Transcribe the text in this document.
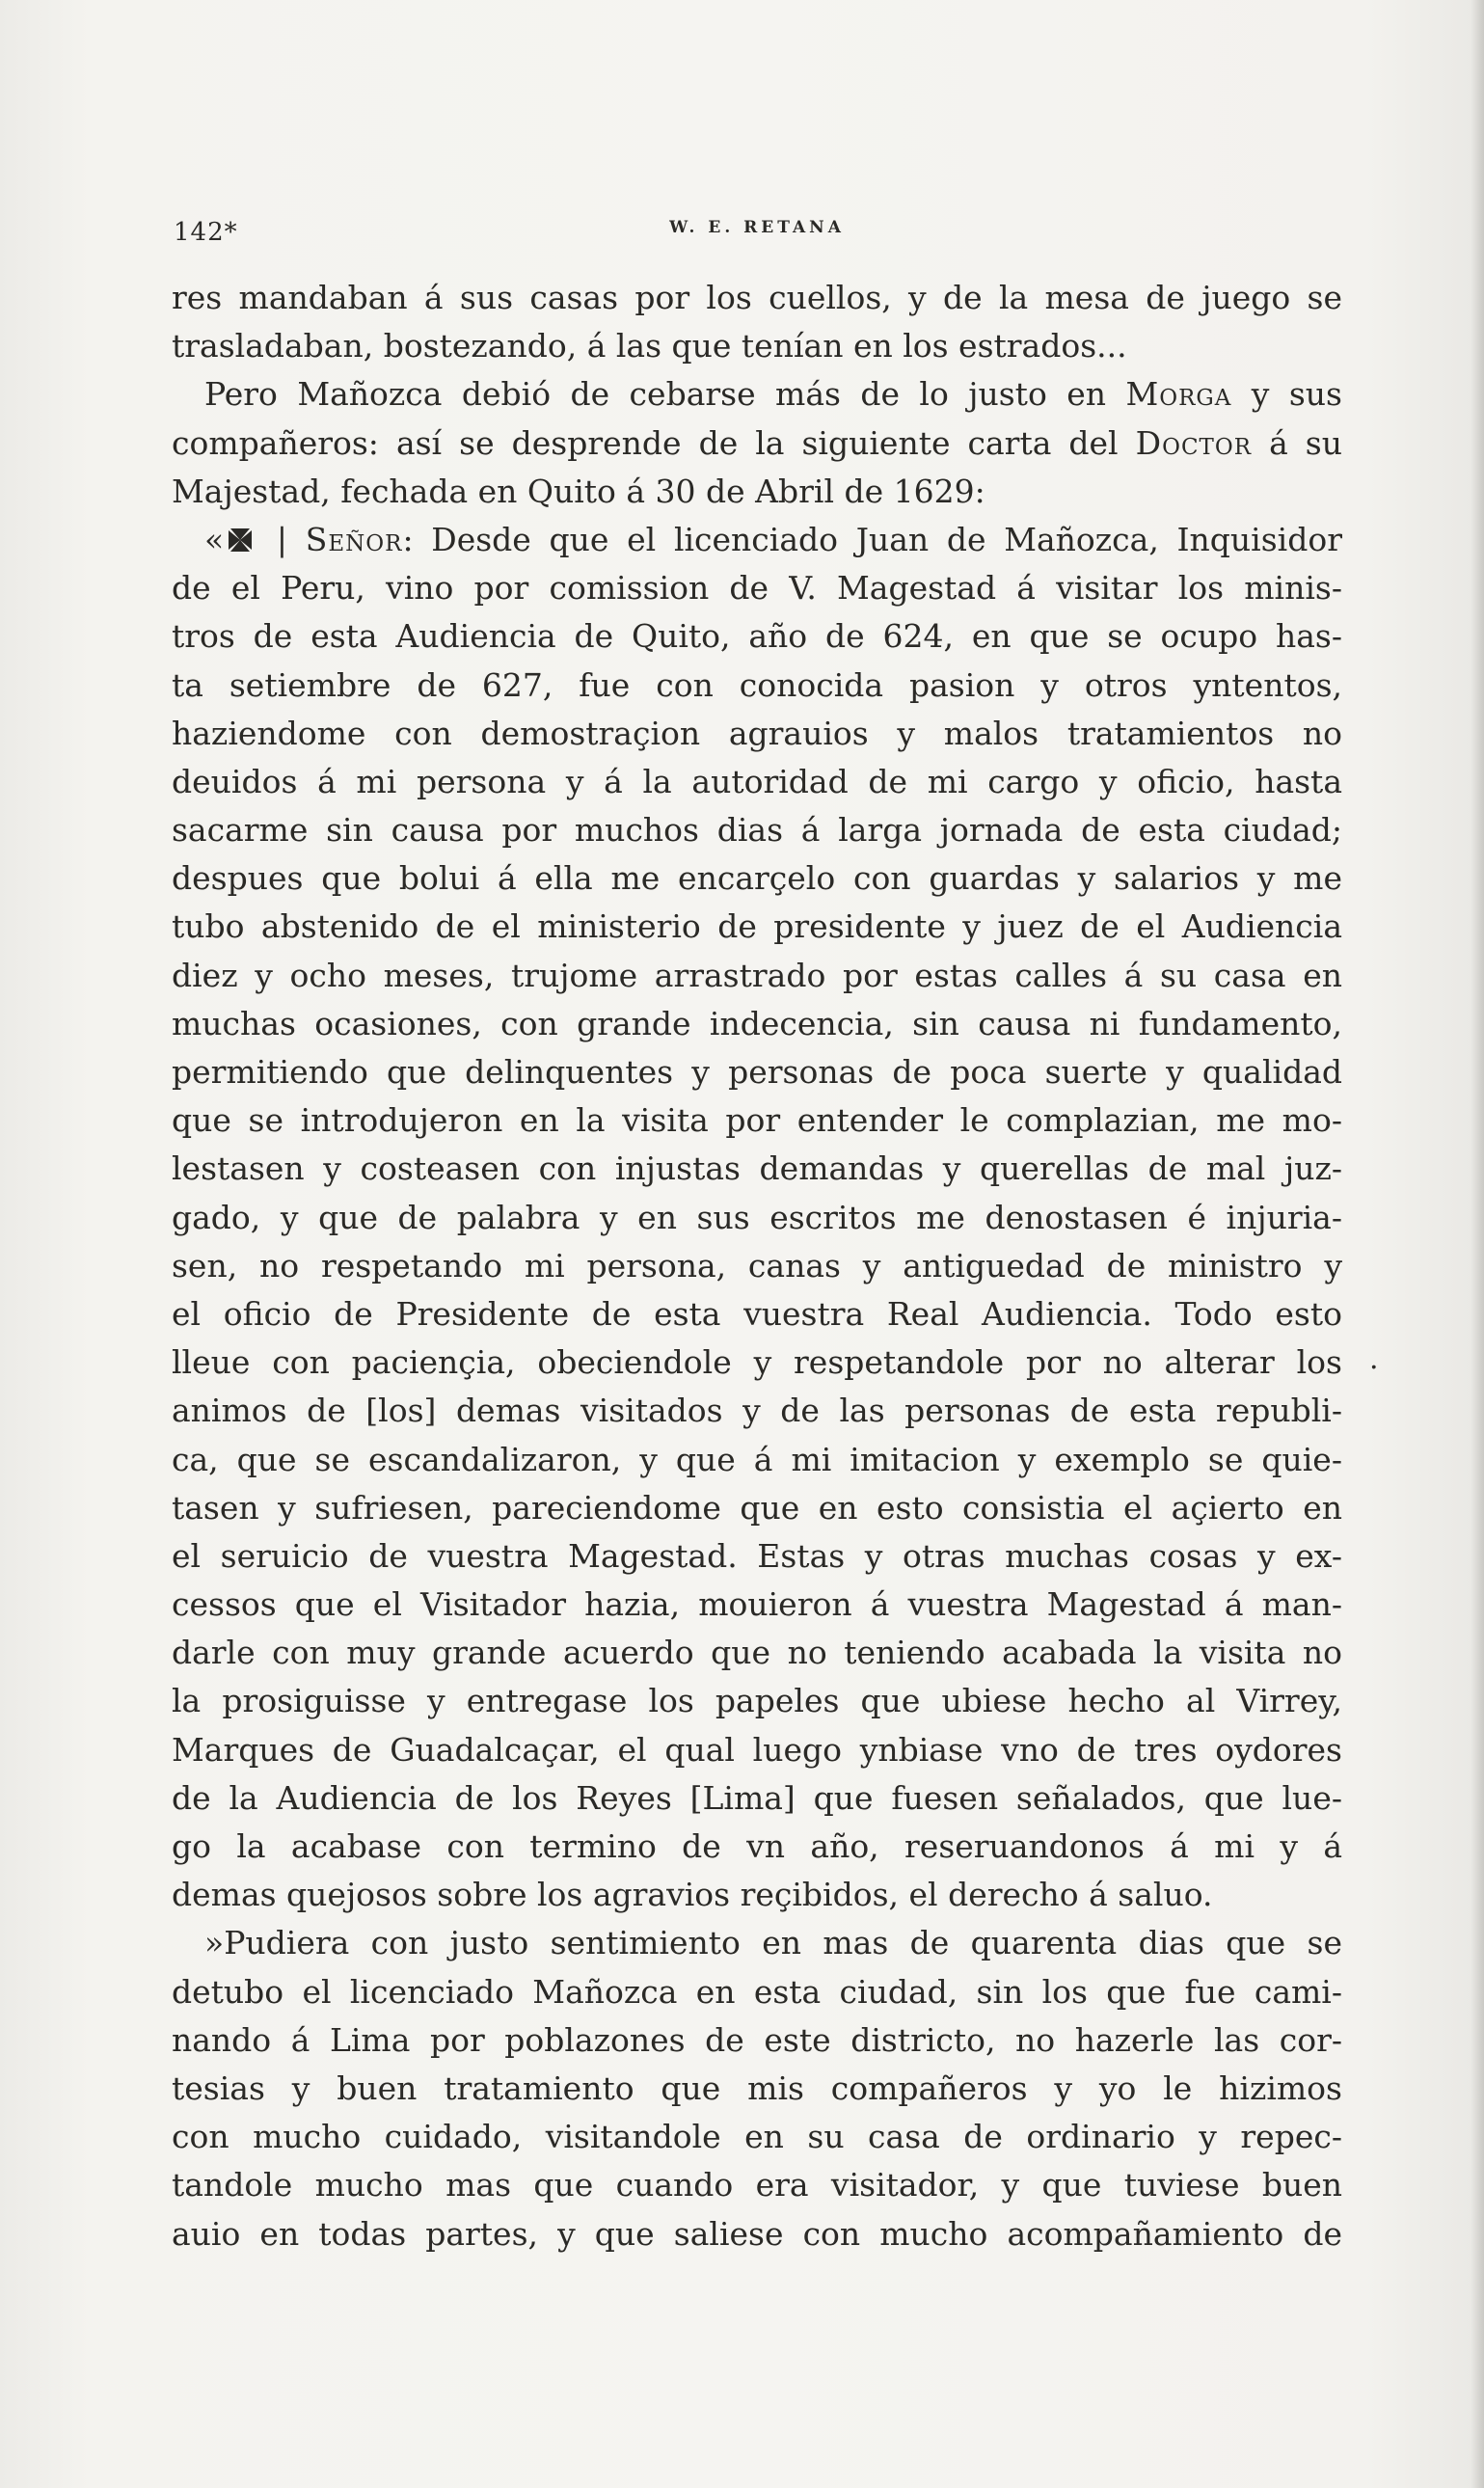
142*	W. E. RETANA
res mandaban á sus casas por los cuellos, y de la mesa de juego se
trasladaban, bostezando, á las que tenían en los estrados...
Pero Mañozca debió de cebarse más de lo justo en Morga y sus
compañeros: así se desprende de la siguiente carta del Doctor á su
Majestad, fechada en Quito á 30 de Abril de 1629:
« | Señor: Desde que el licenciado Juan de Mañozca, Inquisidor
de el Peru, vino por comission de V. Magestad á visitar los minis-
tros de esta Audiencia de Quito, año de 624, en que se ocupo has-
ta setiembre de 627, fue con conocida pasion y otros yntentos,
haziendome con demostraçion agrauios y malos tratamientos no
deuidos á mi persona y á la autoridad de mi cargo y oficio, hasta
sacarme sin causa por muchos dias á larga jornada de esta ciudad;
despues que bolui á ella me encarçelo con guardas y salarios y me
tubo abstenido de el ministerio de presidente y juez de el Audiencia
diez y ocho meses, trujome arrastrado por estas calles á su casa en
muchas ocasiones, con grande indecencia, sin causa ni fundamento,
permitiendo que delinquentes y personas de poca suerte y qualidad
que se introdujeron en la visita por entender le complazian, me mo-
lestasen y costeasen con injustas demandas y querellas de mal juz-
gado, y que de palabra y en sus escritos me denostasen é injuria-
sen, no respetando mi persona, canas y antiguedad de ministro y
el oficio de Presidente de esta vuestra Real Audiencia. Todo esto
lleue con paciençia, obeciendole y respetandole por no alterar los
animos de [los] demas visitados y de las personas de esta republi-
ca, que se escandalizaron, y que á mi imitacion y exemplo se quie-
tasen y sufriesen, pareciendome que en esto consistia el açierto en
el seruicio de vuestra Magestad. Estas y otras muchas cosas y ex-
cessos que el Visitador hazia, mouieron á vuestra Magestad á man-
darle con muy grande acuerdo que no teniendo acabada la visita no
la prosiguisse y entregase los papeles que ubiese hecho al Virrey,
Marques de Guadalcaçar, el qual luego ynbiase vno de tres oydores
de la Audiencia de los Reyes [Lima] que fuesen señalados, que lue-
go la acabase con termino de vn año, reseruandonos á mi y á
demas quejosos sobre los agravios reçibidos, el derecho á saluo.
»Pudiera con justo sentimiento en mas de quarenta dias que se
detubo el licenciado Mañozca en esta ciudad, sin los que fue cami-
nando á Lima por poblazones de este districto, no hazerle las cor-
tesias y buen tratamiento que mis compañeros y yo le hizimos
con mucho cuidado, visitandole en su casa de ordinario y repec-
tandole mucho mas que cuando era visitador, y que tuviese buen
auio en todas partes, y que saliese con mucho acompañamiento de
.
